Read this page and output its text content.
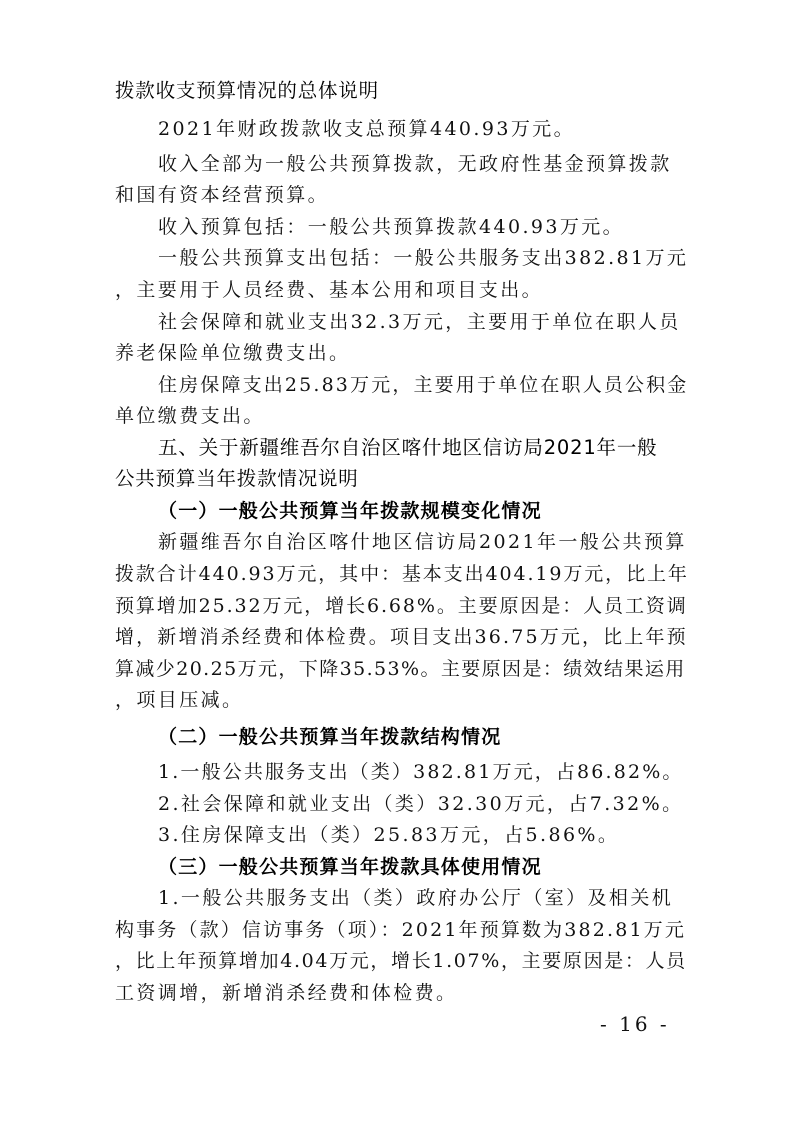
拨款收支预算情况的总体说明
2021年财政拨款收支总预算440.93万元。
收入全部为一般公共预算拨款，无政府性基金预算拨款
和国有资本经营预算。
收入预算包括：一般公共预算拨款440.93万元。
一般公共预算支出包括：一般公共服务支出382.81万元
，主要用于人员经费、基本公用和项目支出。
社会保障和就业支出32.3万元，主要用于单位在职人员
养老保险单位缴费支出。
住房保障支出25.83万元，主要用于单位在职人员公积金
单位缴费支出。
五、关于新疆维吾尔自治区喀什地区信访局2021年一般
公共预算当年拨款情况说明
（一）一般公共预算当年拨款规模变化情况
新疆维吾尔自治区喀什地区信访局2021年一般公共预算
拨款合计440.93万元，其中：基本支出404.19万元，比上年
预算增加25.32万元，增长6.68%。主要原因是：人员工资调
增，新增消杀经费和体检费。项目支出36.75万元，比上年预
算减少20.25万元，下降35.53%。主要原因是：绩效结果运用
，项目压减。
（二）一般公共预算当年拨款结构情况
1.一般公共服务支出（类）382.81万元，占86.82%。
2.社会保障和就业支出（类）32.30万元，占7.32%。
3.住房保障支出（类）25.83万元，占5.86%。
（三）一般公共预算当年拨款具体使用情况
1.一般公共服务支出（类）政府办公厅（室）及相关机
构事务（款）信访事务（项）：2021年预算数为382.81万元
，比上年预算增加4.04万元，增长1.07%，主要原因是：人员
工资调增，新增消杀经费和体检费。
- 16 -
